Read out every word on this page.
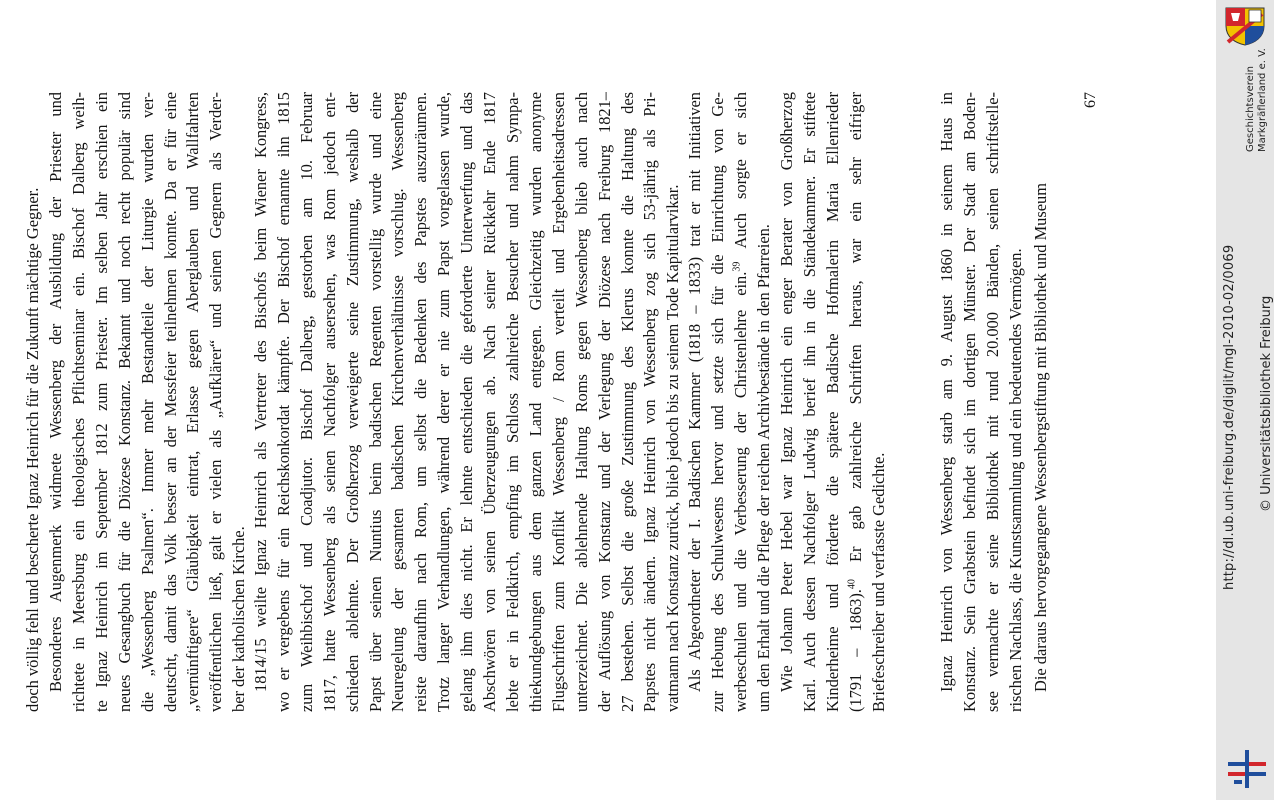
doch völlig fehl und bescherte Ignaz Heinrich für die Zukunft mächtige Gegner. Besonderes Augenmerk widmete Wessenberg der Ausbildung der Priester und richtete in Meersburg ein theologisches Pflichtseminar ein. Bischof Dalberg weih- te Ignaz Heinrich im September 1812 zum Priester. Im selben Jahr erschien ein neues Gesangbuch für die Diözese Konstanz. Bekannt und noch recht populär sind die „Wessenberg Psalmen“. Immer mehr Bestandteile der Liturgie wurden ver- deutscht, damit das Volk besser an der Messfeier teilnehmen konnte. Da er für eine „vernünftigere“ Gläubigkeit eintrat, Erlasse gegen Aberglauben und Wallfahrten veröffentlichen ließ, galt er vielen als „Aufklärer“ und seinen Gegnern als Verder- ber der katholischen Kirche. 1814/15 weilte Ignaz Heinrich als Vertreter des Bischofs beim Wiener Kongress, wo er vergebens für ein Reichskonkordat kämpfte. Der Bischof ernannte ihn 1815 zum Weihbischof und Coadjutor. Bischof Dalberg, gestorben am 10. Februar 1817, hatte Wessenberg als seinen Nachfolger ausersehen, was Rom jedoch ent- schieden ablehnte. Der Großherzog verweigerte seine Zustimmung, weshalb der Papst über seinen Nuntius beim badischen Regenten vorstellig wurde und eine Neuregelung der gesamten badischen Kirchenverhältnisse vorschlug. Wessenberg reiste daraufhin nach Rom, um selbst die Bedenken des Papstes auszuräumen. Trotz langer Verhandlungen, während derer er nie zum Papst vorgelassen wurde, gelang ihm dies nicht. Er lehnte entschieden die geforderte Unterwerfung und das Abschwören von seinen Überzeugungen ab. Nach seiner Rückkehr Ende 1817 lebte er in Feldkirch, empfing im Schloss zahlreiche Besucher und nahm Sympa- thiekundgebungen aus dem ganzen Land entgegen. Gleichzeitig wurden anonyme Flugschriften zum Konflikt Wessenberg / Rom verteilt und Ergebenheitsadressen unterzeichnet. Die ablehnende Haltung Roms gegen Wessenberg blieb auch nach der Auflösung von Konstanz und der Verlegung der Diözese nach Freiburg 1821– 27 bestehen. Selbst die große Zustimmung des Klerus konnte die Haltung des Papstes nicht ändern. Ignaz Heinrich von Wessenberg zog sich 53-jährig als Pri- vatmann nach Konstanz zurück, blieb jedoch bis zu seinem Tode Kapitularvikar. Als Abgeordneter der I. Badischen Kammer (1818 – 1833) trat er mit Initiativen zur Hebung des Schulwesens hervor und setzte sich für die Einrichtung von Ge- werbeschulen und die Verbesserung der Christenlehre ein.$^{39}$ Auch sorgte er sich
um den Erhalt und die Pflege der reichen Archivbestände in den Pfarreien. Wie Johann Peter Hebel war Ignaz Heinrich ein enger Berater von Großherzog Karl. Auch dessen Nachfolger Ludwig berief ihn in die Ständekammer. Er stiftete Kinderheime und förderte die spätere Badische Hofmalerin Maria Ellenrieder (1791 – 1863).$^{40}$ Er gab zahlreiche Schriften heraus, war ein sehr eifriger
Briefeschreiber und verfasste Gedichte.	Ignaz Heinrich von Wessenberg starb am 9. August 1860 in seinem Haus in Konstanz. Sein Grabstein befindet sich im dortigen Münster. Der Stadt am Boden- see vermachte er seine Bibliothek mit rund 20.000 Bänden, seinen schriftstelle- rischen Nachlass, die Kunstsammlung und ein bedeutendes Vermögen. Die daraus hervorgegangene Wessenbergstiftung mit Bibliothek und Museum
67
http://dl.ub.uni-freiburg.de/diglit/mgl-2010-02/0069 © Universitätsbibliothek Freiburg
Geschichtsverein Markgräflerland e. V.
